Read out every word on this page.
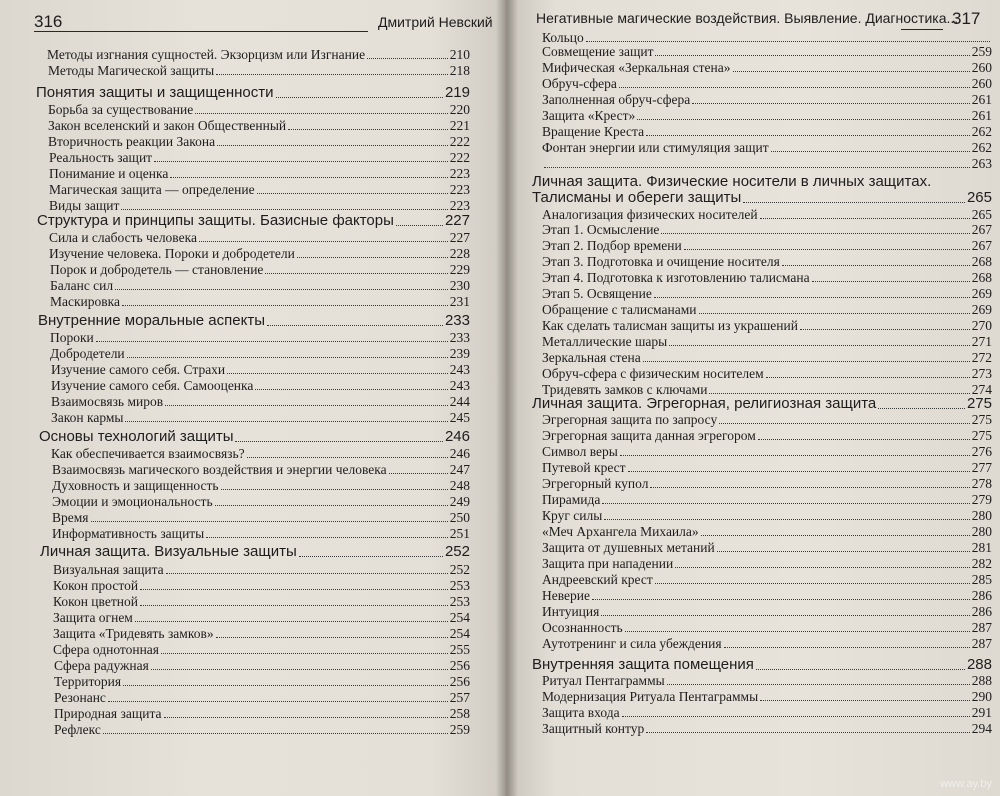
316	Дмитрий Невский
Методы изгнания сущностей. Экзорцизм или Изгнание	210
Методы Магической защиты	218
Понятия защиты и защищенности	219
Борьба за существование	220
Закон вселенский и закон Общественный	221
Вторичность реакции Закона	222
Реальность защит	222
Понимание и оценка	223
Магическая защита — определение	223
Виды защит	223
Структура и принципы защиты. Базисные факторы	227
Сила и слабость человека	227
Изучение человека. Пороки и добродетели	228
Порок и добродетель — становление	229
Баланс сил	230
Маскировка	231
Внутренние моральные аспекты	233
Пороки	233
Добродетели	239
Изучение самого себя. Страхи	243
Изучение самого себя. Самооценка	243
Взаимосвязь миров	244
Закон кармы	245
Основы технологий защиты	246
Как обеспечивается взаимосвязь?	246
Взаимосвязь магического воздействия и энергии человека	247
Духовность и защищенность	248
Эмоции и эмоциональность	249
Время	250
Информативность защиты	251
Личная защита. Визуальные защиты	252
Визуальная защита	252
Кокон простой	253
Кокон цветной	253
Защита огнем	254
Защита «Тридевять замков»	254
Сфера однотонная	255
Сфера радужная	256
Территория	256
Резонанс	257
Природная защита	258
Рефлекс	259
Негативные магические воздействия. Выявление. Диагностика...
317
Кольцо
Совмещение защит	259
Мифическая «Зеркальная стена»	260
Обруч-сфера	260
Заполненная обруч-сфера	261
Защита «Крест»	261
Вращение Креста	262
Фонтан энергии или стимуляция защит	262
263
Личная защита. Физические носители в личных защитах.
Талисманы и обереги защиты	265
Аналогизация физических носителей	265
Этап 1. Осмысление	267
Этап 2. Подбор времени	267
Этап 3. Подготовка и очищение носителя	268
Этап 4. Подготовка к изготовлению талисмана	268
Этап 5. Освящение	269
Обращение с талисманами	269
Как сделать талисман защиты из украшений	270
Металлические шары	271
Зеркальная стена	272
Обруч-сфера с физическим носителем	273
Тридевять замков с ключами	274
Личная защита. Эгрегорная, религиозная защита	275
Эгрегорная защита по запросу	275
Эгрегорная защита данная эгрегором	275
Символ веры	276
Путевой крест	277
Эгрегорный купол	278
Пирамида	279
Круг силы	280
«Меч Архангела Михаила»	280
Защита от душевных метаний	281
Защита при нападении	282
Андреевский крест	285
Неверие	286
Интуиция	286
Осознанность	287
Аутотренинг и сила убеждения	287
Внутренняя защита помещения	288
Ритуал Пентаграммы	288
Модернизация Ритуала Пентаграммы	290
Защита входа	291
Защитный контур	294
www.ay.by
